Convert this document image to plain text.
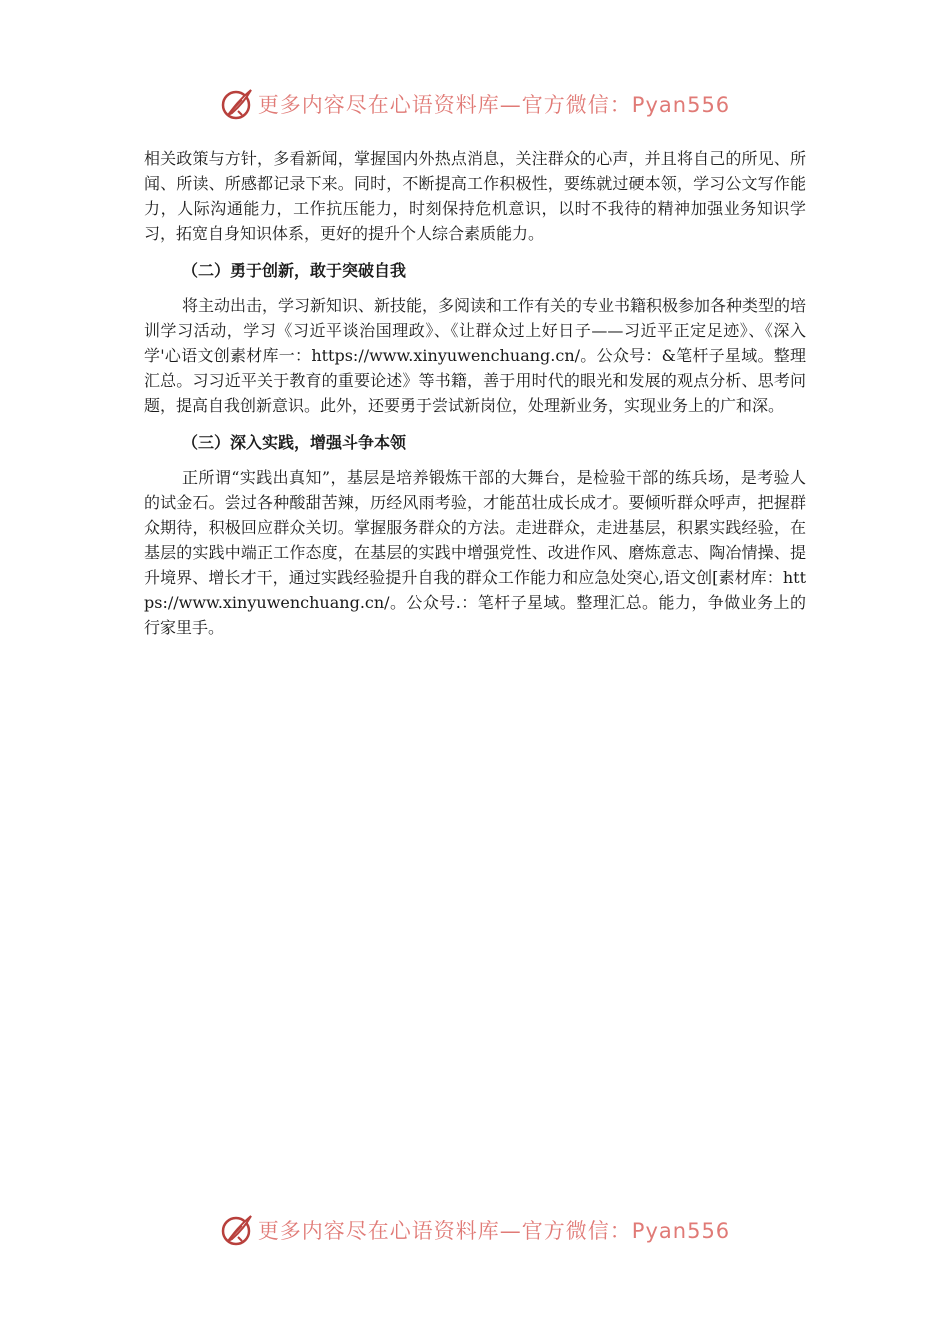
更多内容尽在心语资料库—官方微信：Pyan556

相关政策与方针，多看新闻，掌握国内外热点消息，关注群众的心声，并且将自己的所见、所闻、所读、所感都记录下来。同时，不断提高工作积极性，要练就过硬本领，学习公文写作能力，人际沟通能力，工作抗压能力，时刻保持危机意识，以时不我待的精神加强业务知识学习，拓宽自身知识体系，更好的提升个人综合素质能力。

（二）勇于创新，敢于突破自我

将主动出击，学习新知识、新技能，多阅读和工作有关的专业书籍积极参加各种类型的培训学习活动，学习《习近平谈治国理政》、《让群众过上好日子——习近平正定足迹》、《深入学'心语文创素材库一：https://www.xinyuwenchuang.cn/。公众号：&笔杆子星域。整理汇总。习习近平关于教育的重要论述》等书籍，善于用时代的眼光和发展的观点分析、思考问题，提高自我创新意识。此外，还要勇于尝试新岗位，处理新业务，实现业务上的广和深。

（三）深入实践，增强斗争本领

正所谓“实践出真知”，基层是培养锻炼干部的大舞台，是检验干部的练兵场，是考验人的试金石。尝过各种酸甜苦辣，历经风雨考验，才能茁壮成长成才。要倾听群众呼声，把握群众期待，积极回应群众关切。掌握服务群众的方法。走进群众，走进基层，积累实践经验，在基层的实践中端正工作态度，在基层的实践中增强党性、改进作风、磨炼意志、陶冶情操、提升境界、增长才干，通过实践经验提升自我的群众工作能力和应急处突心,语文创[素材库：https://www.xinyuwenchuang.cn/。公众号.：笔杆子星域。整理汇总。能力，争做业务上的行家里手。

更多内容尽在心语资料库—官方微信：Pyan556
